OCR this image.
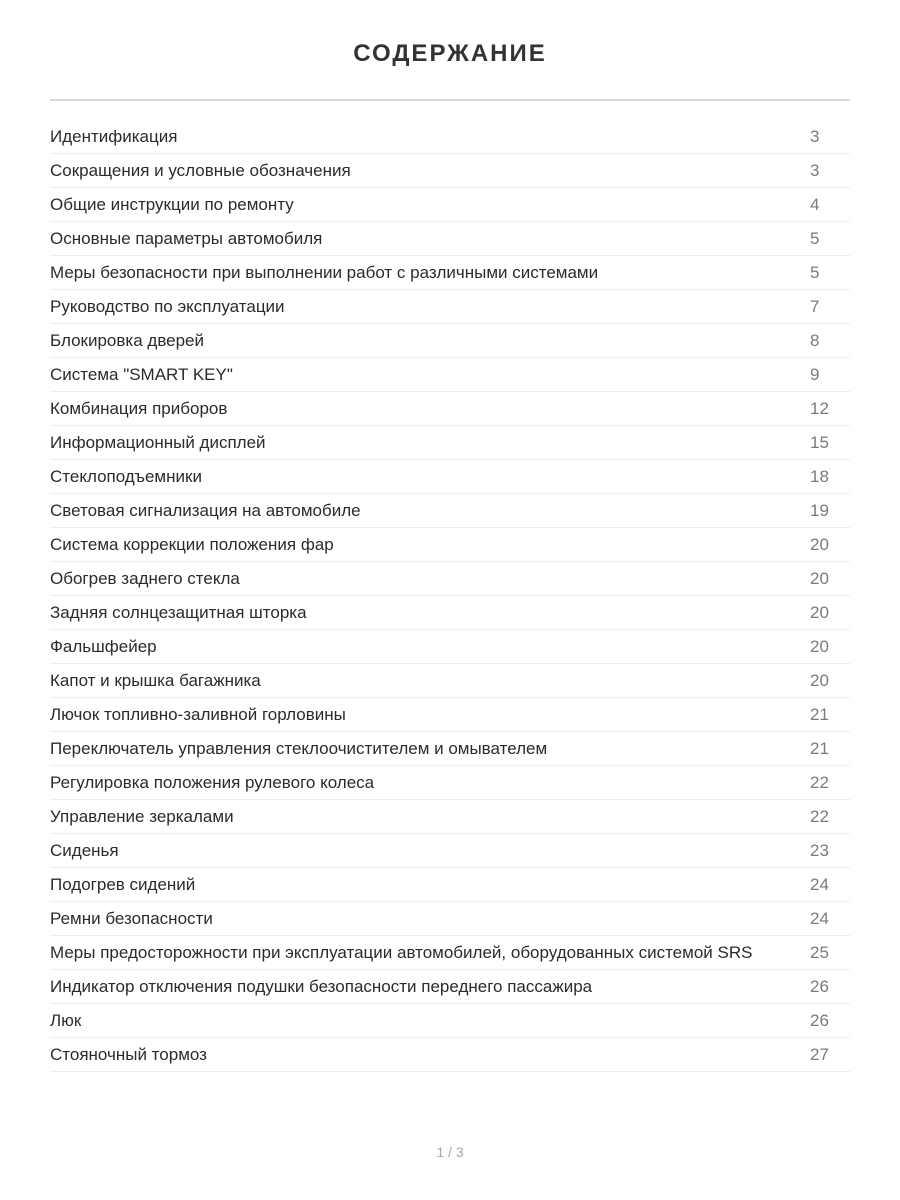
СОДЕРЖАНИЕ
Идентификация	3
Сокращения и условные обозначения	3
Общие инструкции по ремонту	4
Основные параметры автомобиля	5
Меры безопасности при выполнении работ с различными системами	5
Руководство по эксплуатации	7
Блокировка дверей	8
Система "SMART KEY"	9
Комбинация приборов	12
Информационный дисплей	15
Стеклоподъемники	18
Световая сигнализация на автомобиле	19
Система коррекции положения фар	20
Обогрев заднего стекла	20
Задняя солнцезащитная шторка	20
Фальшфейер	20
Капот и крышка багажника	20
Лючок топливно-заливной горловины	21
Переключатель управления стеклоочистителем и омывателем	21
Регулировка положения рулевого колеса	22
Управление зеркалами	22
Сиденья	23
Подогрев сидений	24
Ремни безопасности	24
Меры предосторожности при эксплуатации автомобилей, оборудованных системой SRS	25
Индикатор отключения подушки безопасности переднего пассажира	26
Люк	26
Стояночный тормоз	27
1 / 3
